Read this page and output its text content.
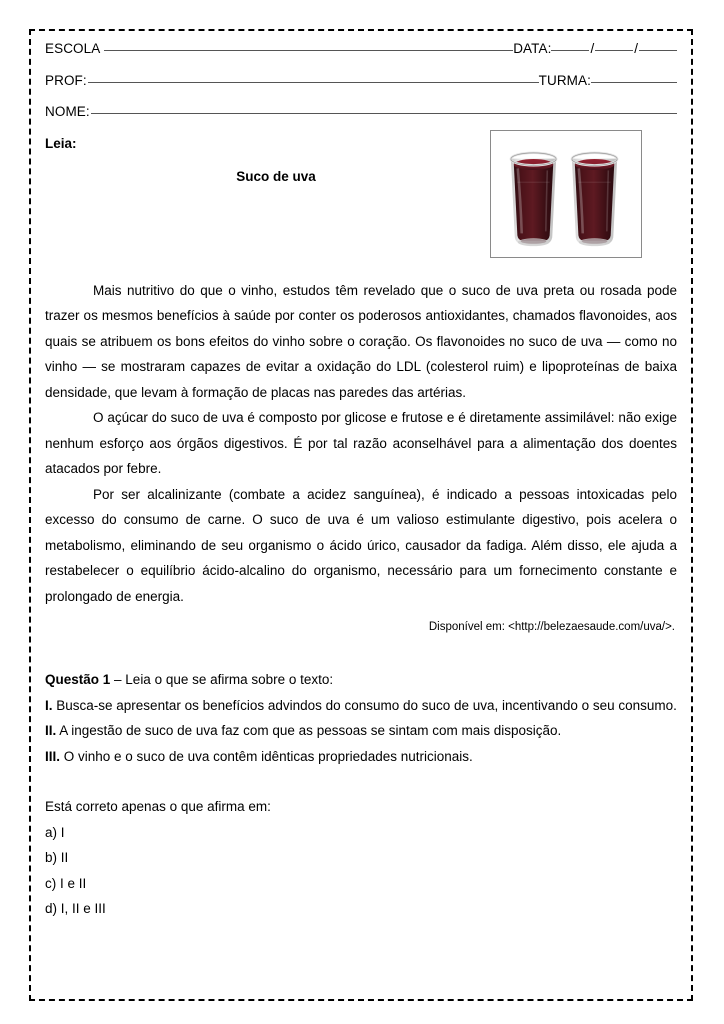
ESCOLA	DATA:	/	/
PROF:	TURMA:
NOME:

Leia:

Suco de uva

Mais nutritivo do que o vinho, estudos têm revelado que o suco de uva preta ou rosada pode trazer os mesmos benefícios à saúde por conter os poderosos antioxidantes, chamados flavonoides, aos quais se atribuem os bons efeitos do vinho sobre o coração. Os flavonoides no suco de uva — como no vinho — se mostraram capazes de evitar a oxidação do LDL (colesterol ruim) e lipoproteínas de baixa densidade, que levam à formação de placas nas paredes das artérias.

O açúcar do suco de uva é composto por glicose e frutose e é diretamente assimilável: não exige nenhum esforço aos órgãos digestivos. É por tal razão aconselhável para a alimentação dos doentes atacados por febre.

Por ser alcalinizante (combate a acidez sanguínea), é indicado a pessoas intoxicadas pelo excesso do consumo de carne. O suco de uva é um valioso estimulante digestivo, pois acelera o metabolismo, eliminando de seu organismo o ácido úrico, causador da fadiga. Além disso, ele ajuda a restabelecer o equilíbrio ácido-alcalino do organismo, necessário para um fornecimento constante e prolongado de energia.

Disponível em: <http://belezaesaude.com/uva/>.

Questão 1 – Leia o que se afirma sobre o texto:

I. Busca-se apresentar os benefícios advindos do consumo do suco de uva, incentivando o seu consumo.

II. A ingestão de suco de uva faz com que as pessoas se sintam com mais disposição.

III. O vinho e o suco de uva contêm idênticas propriedades nutricionais.

Está correto apenas o que afirma em:

a) I

b) II

c) I e II

d) I, II e III
